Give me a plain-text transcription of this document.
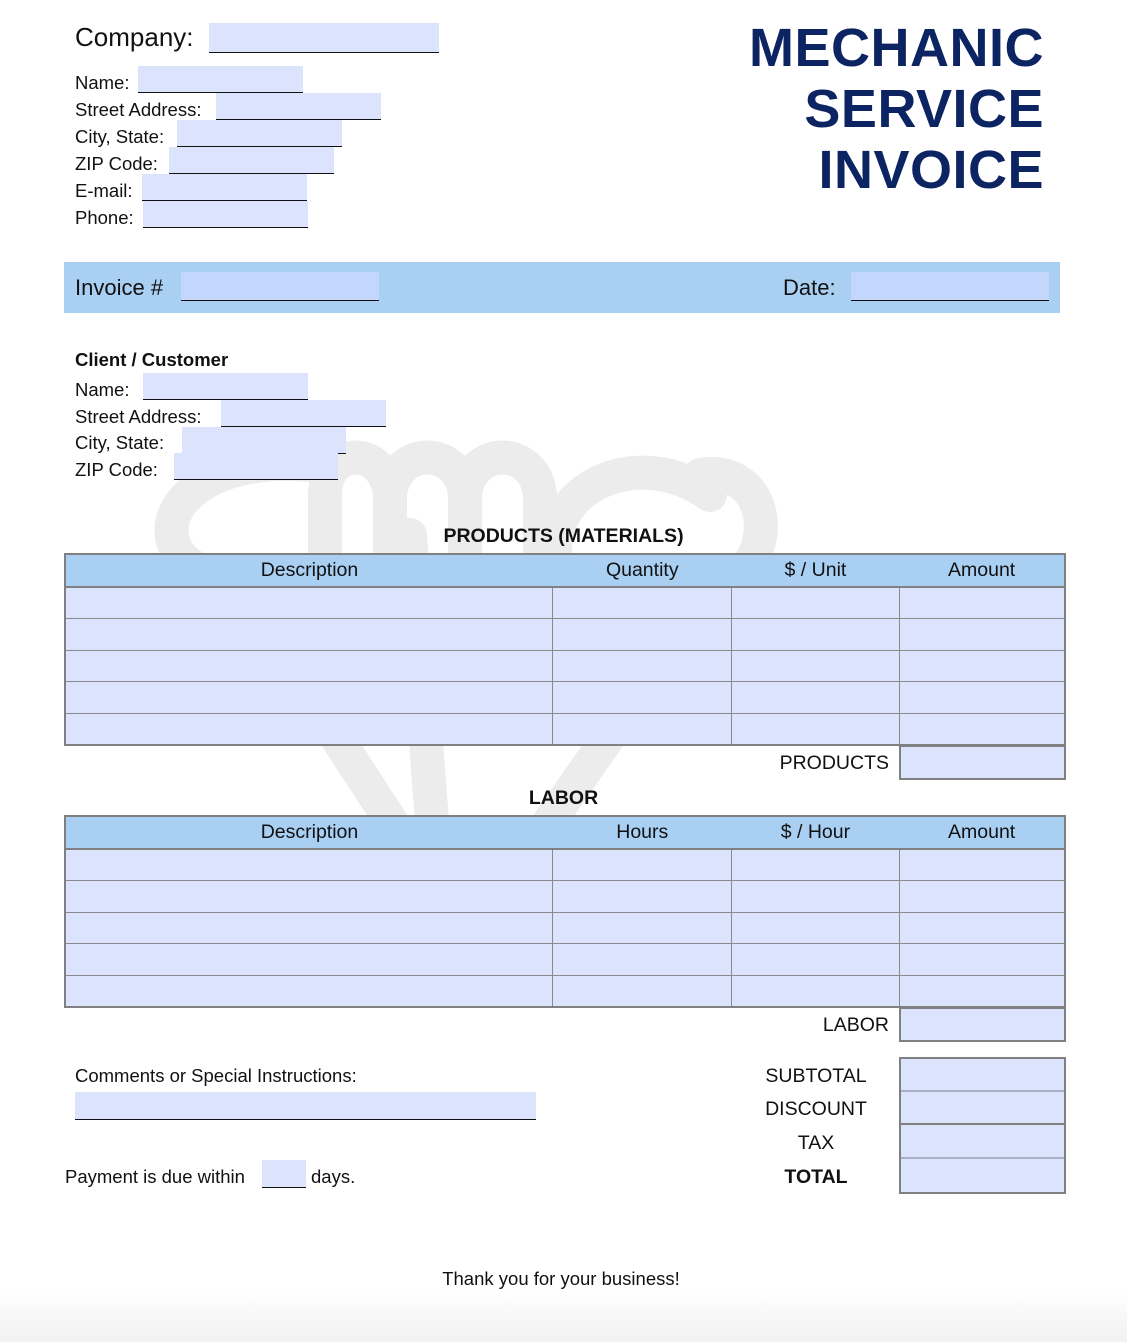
Company:
Name:
Street Address:
City, State:
ZIP Code:
E-mail:
Phone:
MECHANIC
SERVICE
INVOICE
Invoice #	Date:
Client / Customer
Name:
Street Address:
City, State:
ZIP Code:
PRODUCTS (MATERIALS)
Description	Quantity	$ / Unit	Amount

PRODUCTS
LABOR
Description	Hours	$ / Hour	Amount

LABOR
Comments or Special Instructions:
Payment is due within	days.
SUBTOTAL
DISCOUNT
TAX
TOTAL
Thank you for your business!
